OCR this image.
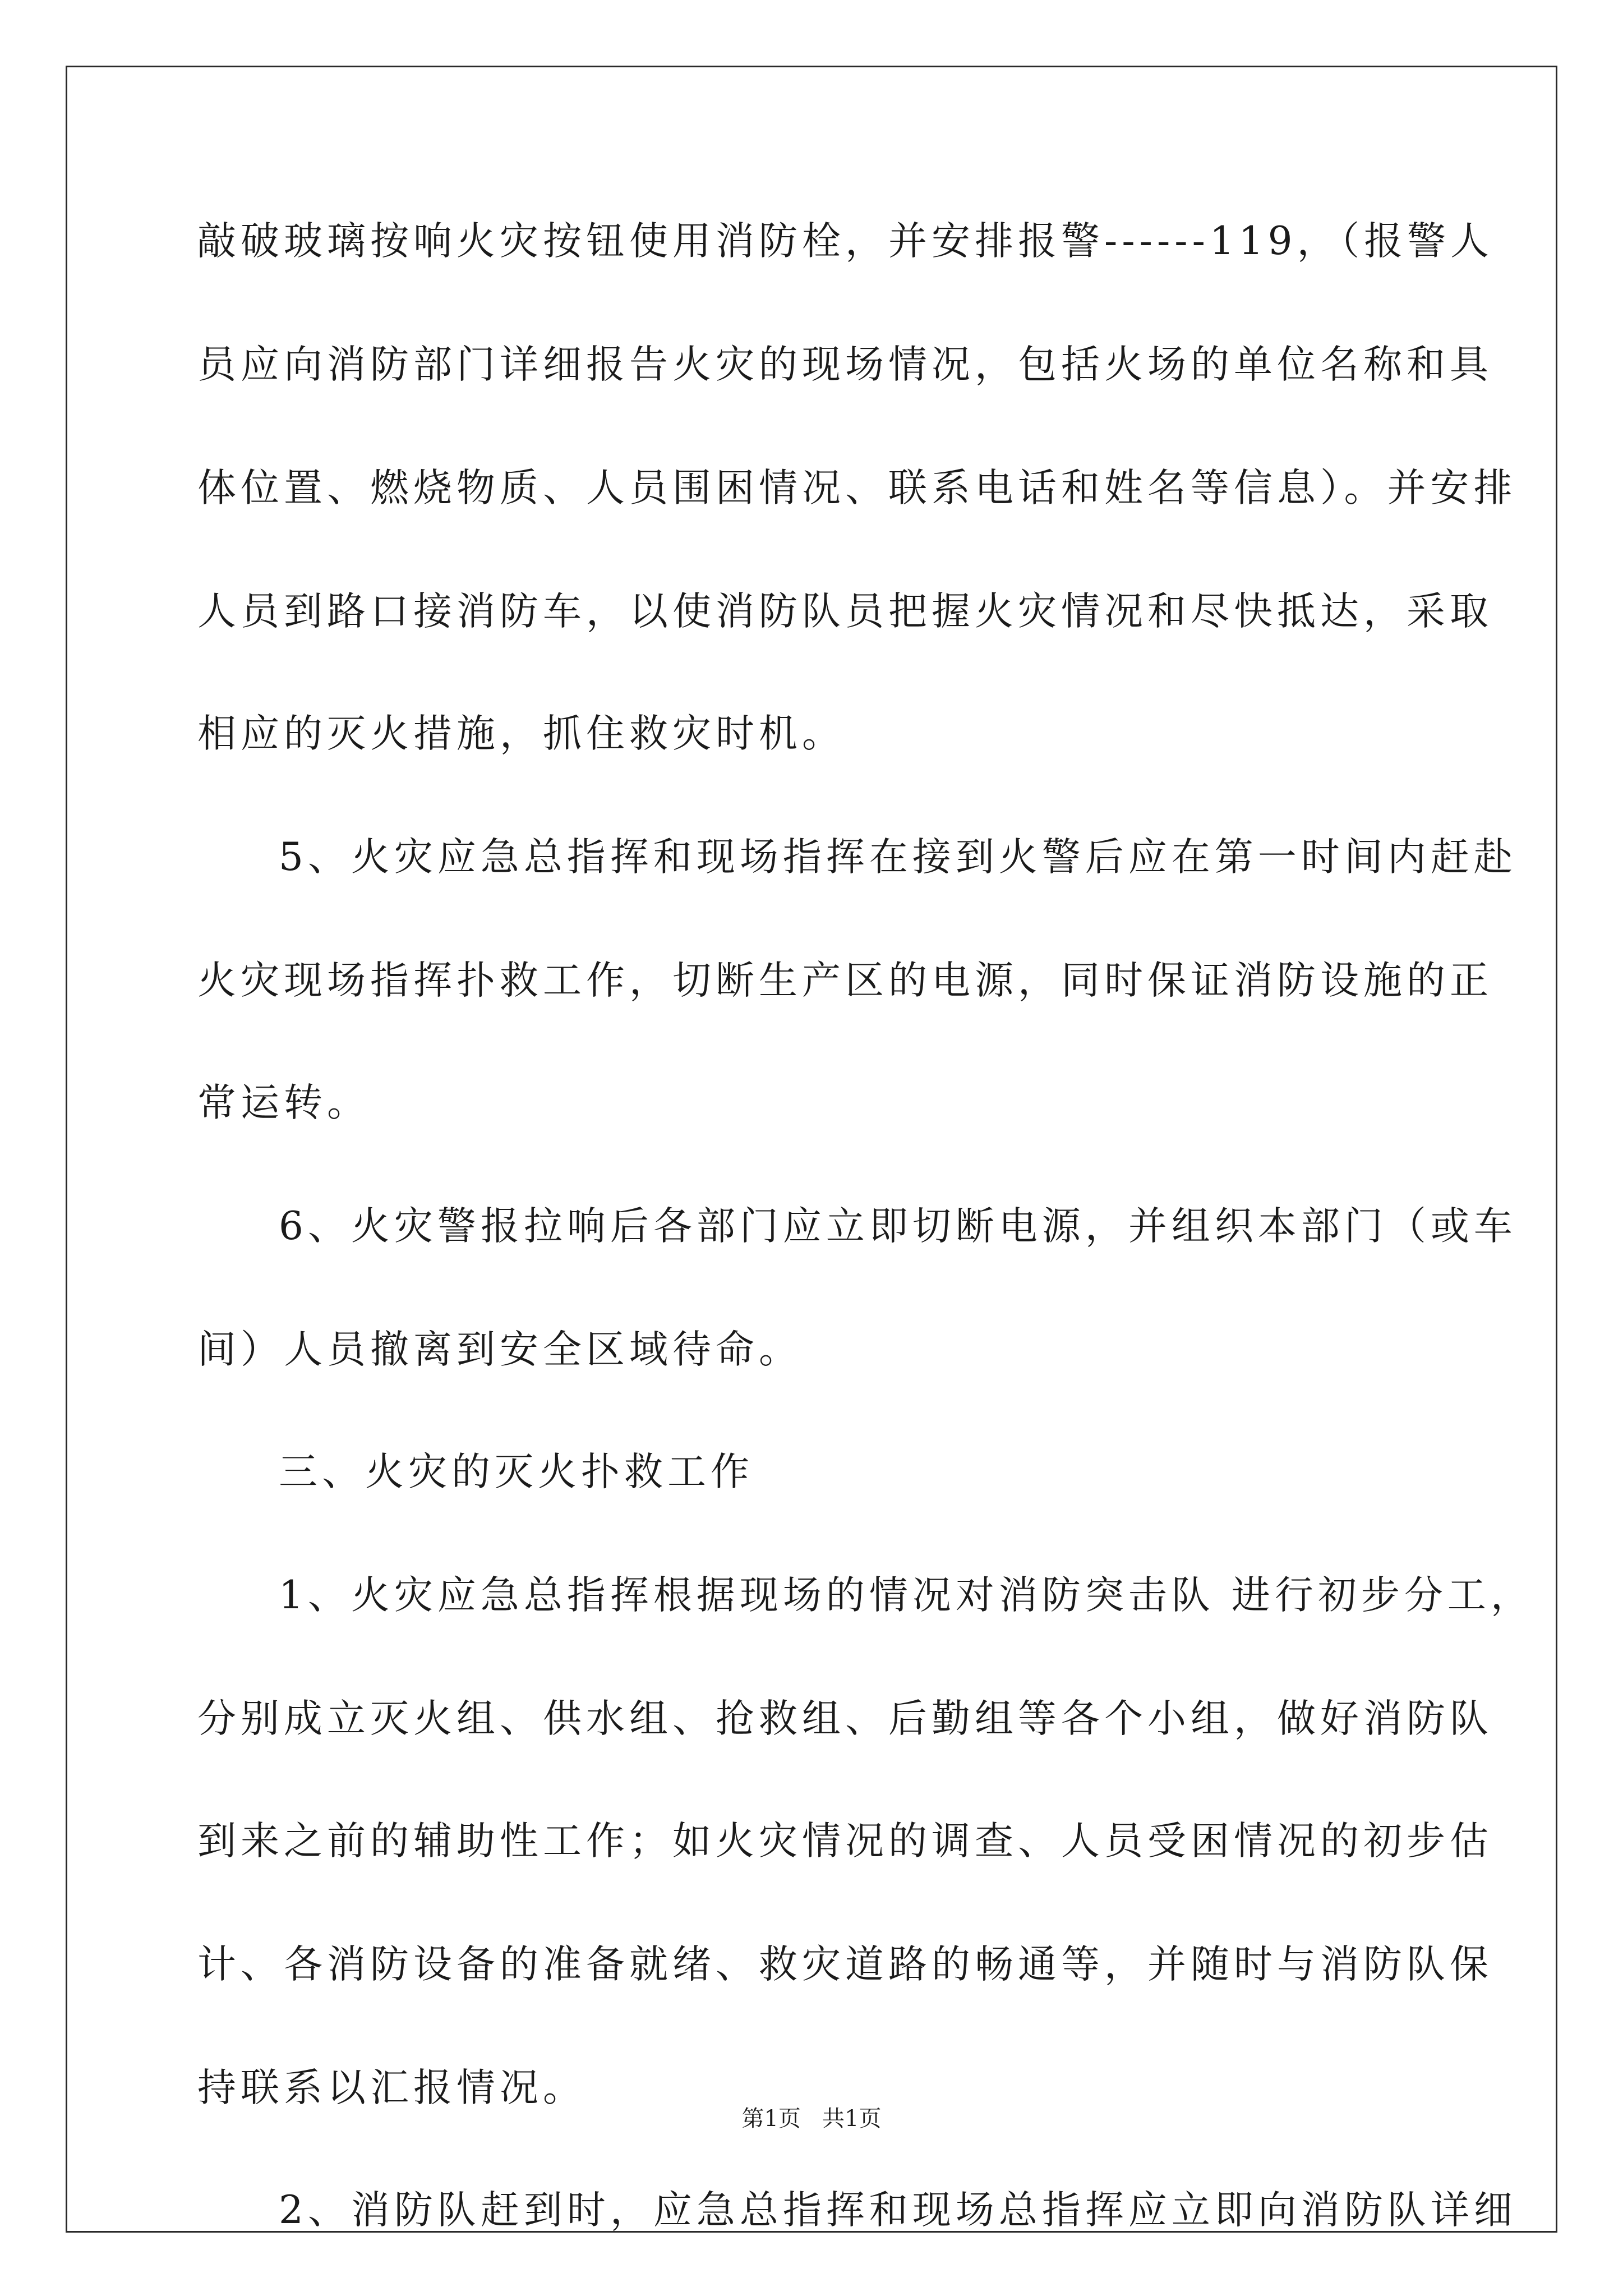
敲破玻璃按响火灾按钮使用消防栓，并安排报警------119，（报警人
员应向消防部门详细报告火灾的现场情况，包括火场的单位名称和具
体位置、燃烧物质、人员围困情况、联系电话和姓名等信息）。并安排
人员到路口接消防车，以使消防队员把握火灾情况和尽快抵达，采取
相应的灭火措施，抓住救灾时机。
5、火灾应急总指挥和现场指挥在接到火警后应在第一时间内赶赴
火灾现场指挥扑救工作，切断生产区的电源，同时保证消防设施的正
常运转。
6、火灾警报拉响后各部门应立即切断电源，并组织本部门（或车
间）人员撤离到安全区域待命。
三、火灾的灭火扑救工作
1、火灾应急总指挥根据现场的情况对消防突击队 进行初步分工，
分别成立灭火组、供水组、抢救组、后勤组等各个小组，做好消防队
到来之前的辅助性工作；如火灾情况的调查、人员受困情况的初步估
计、各消防设备的准备就绪、救灾道路的畅通等，并随时与消防队保
持联系以汇报情况。
2、消防队赶到时，应急总指挥和现场总指挥应立即向消防队详细
第1页   共1页
